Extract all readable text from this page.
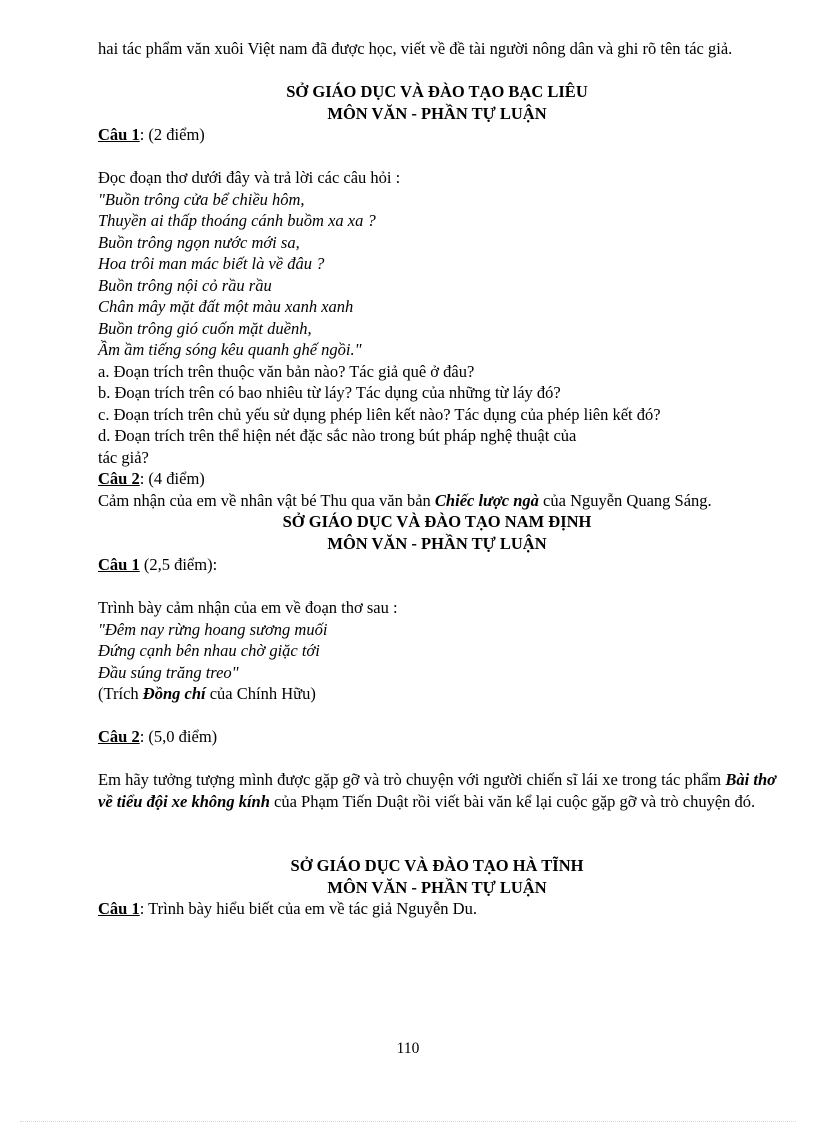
hai tác phẩm văn xuôi Việt nam đã được học, viết về đề tài người nông dân và ghi rõ tên tác giả.
SỞ GIÁO DỤC VÀ ĐÀO TẠO BẠC LIÊU
MÔN VĂN - PHẦN TỰ LUẬN
Câu 1: (2 điểm)
Đọc đoạn thơ dưới đây và trả lời các câu hỏi :
"Buồn trông cửa bể chiều hôm,
Thuyền ai thấp thoáng cánh buồm xa xa ?
Buồn trông ngọn nước mới sa,
Hoa trôi man mác biết là về đâu ?
Buồn trông nội cỏ rầu rầu
Chân mây mặt đất một màu xanh xanh
Buồn trông gió cuốn mặt duềnh,
Ầm ầm tiếng sóng kêu quanh ghế ngồi."
a. Đoạn trích trên thuộc văn bản nào? Tác giả quê ở đâu?
b. Đoạn trích trên có bao nhiêu từ láy? Tác dụng của những từ láy đó?
c. Đoạn trích trên chủ yếu sử dụng phép liên kết nào? Tác dụng của phép liên kết đó?
d. Đoạn trích trên thể hiện nét đặc sắc nào trong bút pháp nghệ thuật của
tác giả?
Câu 2: (4 điểm)
Cảm nhận của em về nhân vật bé Thu qua văn bản Chiếc lược ngà của Nguyễn Quang Sáng.
SỞ GIÁO DỤC VÀ ĐÀO TẠO NAM ĐỊNH
MÔN VĂN - PHẦN TỰ LUẬN
Câu 1 (2,5 điểm):
Trình bày cảm nhận của em về đoạn thơ sau :
"Đêm nay rừng hoang sương muối
Đứng cạnh bên nhau chờ giặc tới
Đầu súng trăng treo"
(Trích Đồng chí của Chính Hữu)
Câu 2: (5,0 điểm)
Em hãy tưởng tượng mình được gặp gỡ và trò chuyện với người chiến sĩ lái xe trong tác phẩm Bài thơ về tiểu đội xe không kính của Phạm Tiến Duật rồi viết bài văn kể lại cuộc gặp gỡ và trò chuyện đó.
SỞ GIÁO DỤC VÀ ĐÀO TẠO HÀ TĨNH
MÔN VĂN - PHẦN TỰ LUẬN
Câu 1: Trình bày hiểu biết của em về tác giả Nguyễn Du.
110
